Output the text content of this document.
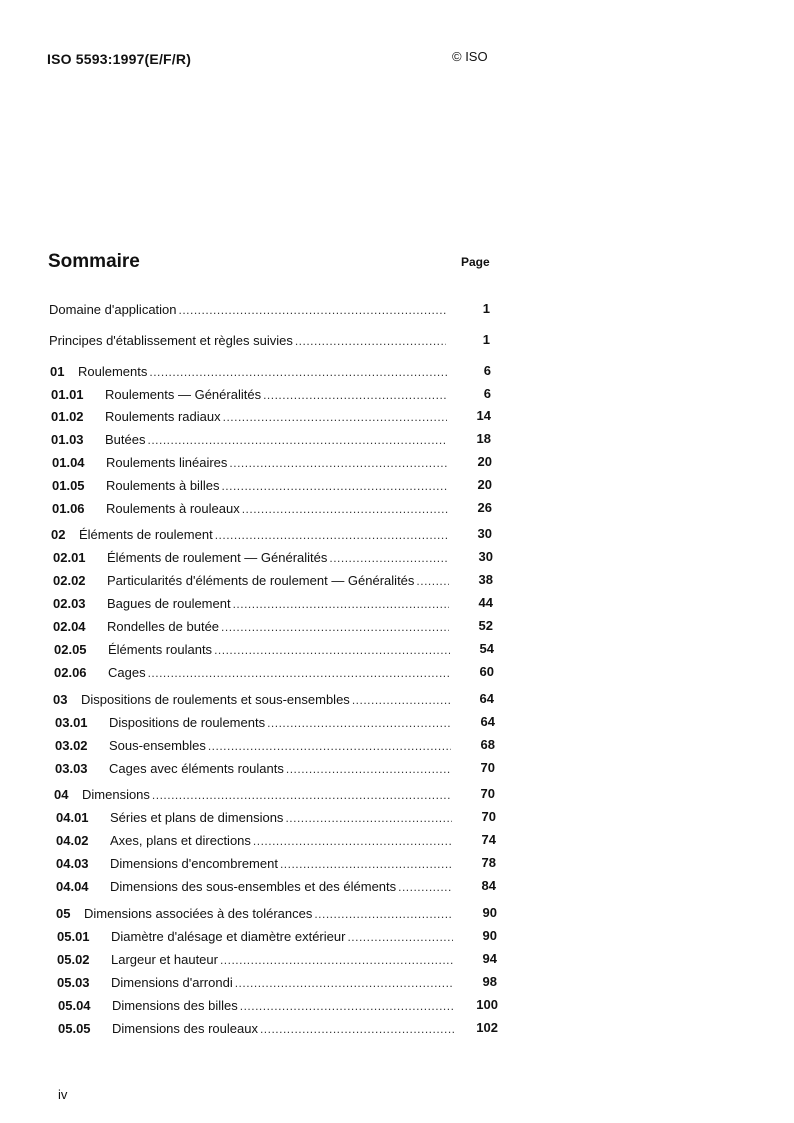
ISO 5593:1997(E/F/R)	© ISO
Sommaire	Page
Domaine d'application .....	1
Principes d'établissement et règles suivies .....	1
01	Roulements .....	6
01.01	Roulements — Généralités .....	6
01.02	Roulements radiaux .....	14
01.03	Butées .....	18
01.04	Roulements linéaires .....	20
01.05	Roulements à billes .....	20
01.06	Roulements à rouleaux .....	26
02	Éléments de roulement .....	30
02.01	Éléments de roulement — Généralités .....	30
02.02	Particularités d'éléments de roulement — Généralités .....	38
02.03	Bagues de roulement .....	44
02.04	Rondelles de butée .....	52
02.05	Éléments roulants .....	54
02.06	Cages .....	60
03	Dispositions de roulements et sous-ensembles .....	64
03.01	Dispositions de roulements .....	64
03.02	Sous-ensembles .....	68
03.03	Cages avec éléments roulants .....	70
04	Dimensions .....	70
04.01	Séries et plans de dimensions .....	70
04.02	Axes, plans et directions .....	74
04.03	Dimensions d'encombrement .....	78
04.04	Dimensions des sous-ensembles et des éléments .....	84
05	Dimensions associées à des tolérances .....	90
05.01	Diamètre d'alésage et diamètre extérieur .....	90
05.02	Largeur et hauteur .....	94
05.03	Dimensions d'arrondi .....	98
05.04	Dimensions des billes .....	100
05.05	Dimensions des rouleaux .....	102
iv
